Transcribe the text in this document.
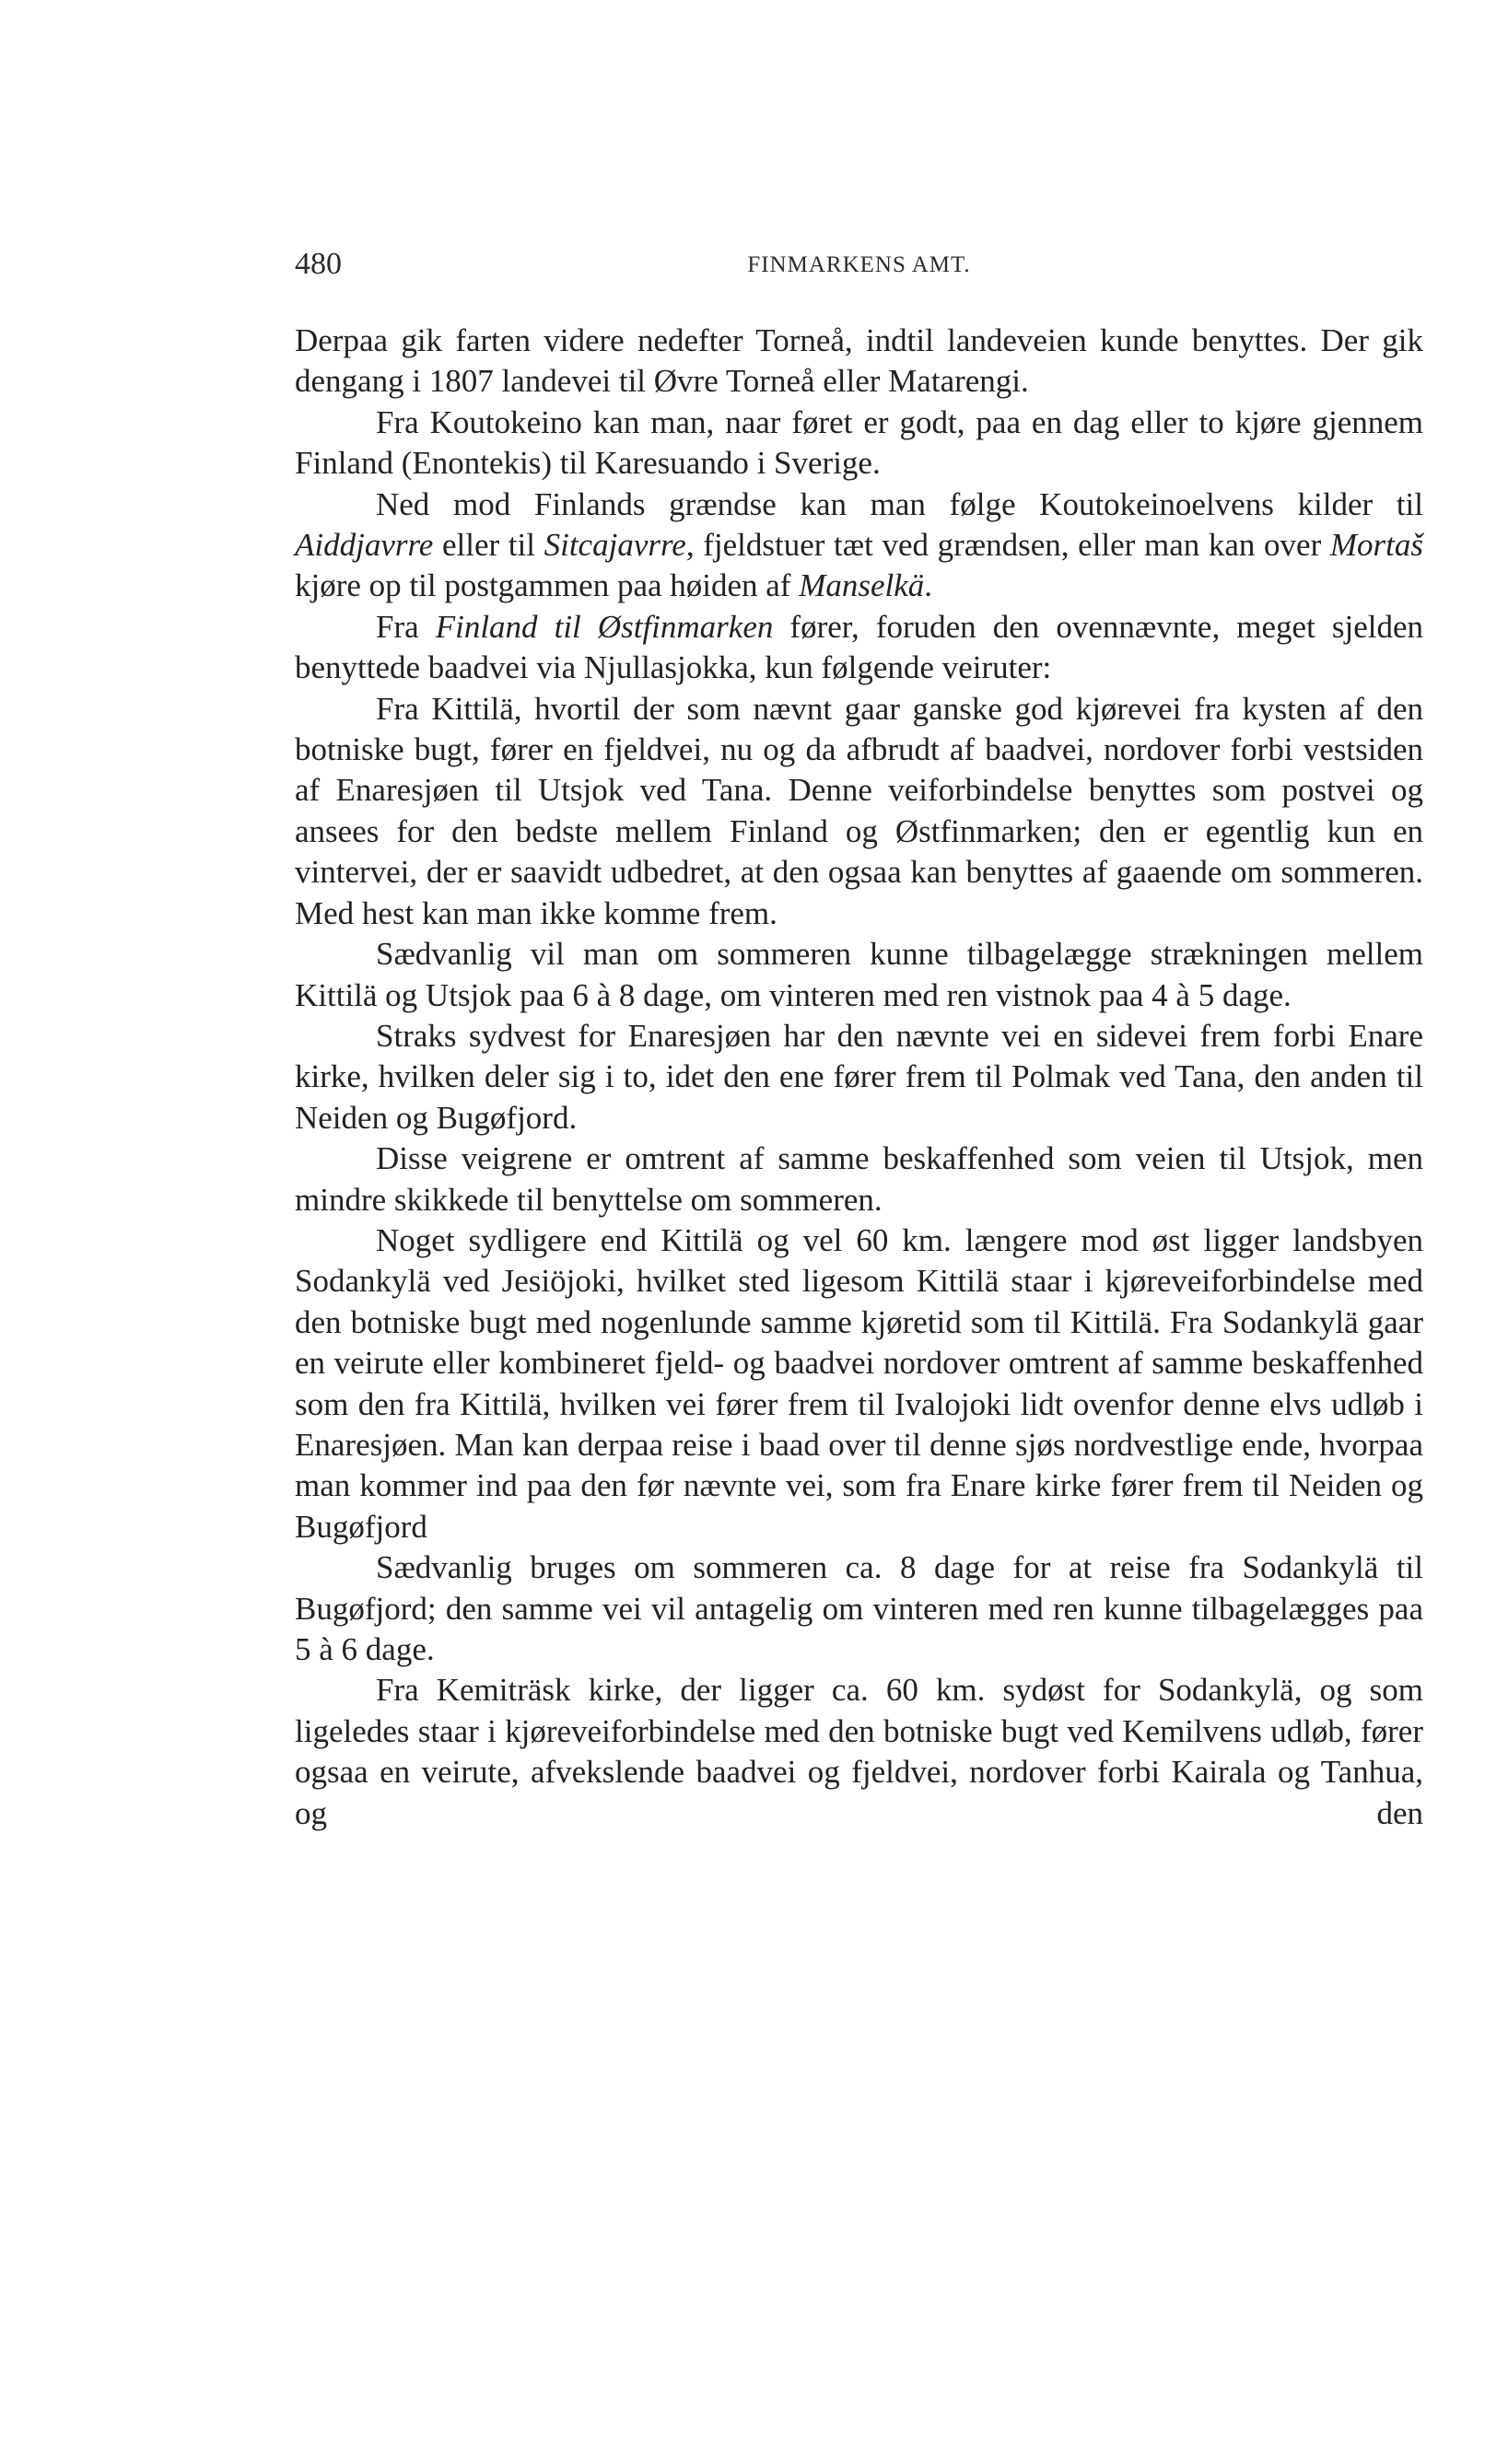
480	FINMARKENS AMT.

Derpaa gik farten videre nedefter Torneå, indtil landeveien kunde benyttes. Der gik dengang i 1807 landevei til Øvre Torneå eller Matarengi.

Fra Koutokeino kan man, naar føret er godt, paa en dag eller to kjøre gjennem Finland (Enontekis) til Karesuando i Sverige.

Ned mod Finlands grændse kan man følge Koutokeinoelvens kilder til Aiddjavrre eller til Sitcajavrre, fjeldstuer tæt ved grændsen, eller man kan over Mortaš kjøre op til postgammen paa høiden af Manselkä.

Fra Finland til Østfinmarken fører, foruden den ovennævnte, meget sjelden benyttede baadvei via Njullasjokka, kun følgende veiruter:

Fra Kittilä, hvortil der som nævnt gaar ganske god kjørevei fra kysten af den botniske bugt, fører en fjeldvei, nu og da afbrudt af baadvei, nordover forbi vestsiden af Enaresjøen til Utsjok ved Tana. Denne veiforbindelse benyttes som postvei og ansees for den bedste mellem Finland og Østfinmarken; den er egentlig kun en vintervei, der er saavidt udbedret, at den ogsaa kan benyttes af gaaende om sommeren. Med hest kan man ikke komme frem.

Sædvanlig vil man om sommeren kunne tilbagelægge strækningen mellem Kittilä og Utsjok paa 6 à 8 dage, om vinteren med ren vistnok paa 4 à 5 dage.

Straks sydvest for Enaresjøen har den nævnte vei en sidevei frem forbi Enare kirke, hvilken deler sig i to, idet den ene fører frem til Polmak ved Tana, den anden til Neiden og Bugøfjord.

Disse veigrene er omtrent af samme beskaffenhed som veien til Utsjok, men mindre skikkede til benyttelse om sommeren.

Noget sydligere end Kittilä og vel 60 km. længere mod øst ligger landsbyen Sodankylä ved Jesiöjoki, hvilket sted ligesom Kittilä staar i kjøreveiforbindelse med den botniske bugt med nogenlunde samme kjøretid som til Kittilä. Fra Sodankylä gaar en veirute eller kombineret fjeld- og baadvei nordover omtrent af samme beskaffenhed som den fra Kittilä, hvilken vei fører frem til Ivalojoki lidt ovenfor denne elvs udløb i Enaresjøen. Man kan derpaa reise i baad over til denne sjøs nordvestlige ende, hvorpaa man kommer ind paa den før nævnte vei, som fra Enare kirke fører frem til Neiden og Bugøfjord

Sædvanlig bruges om sommeren ca. 8 dage for at reise fra Sodankylä til Bugøfjord; den samme vei vil antagelig om vinteren med ren kunne tilbagelægges paa 5 à 6 dage.

Fra Kemiträsk kirke, der ligger ca. 60 km. sydøst for Sodankylä, og som ligeledes staar i kjøreveiforbindelse med den botniske bugt ved Kemilvens udløb, fører ogsaa en veirute, afvekslende baadvei og fjeldvei, nordover forbi Kairala og Tanhua, og den
